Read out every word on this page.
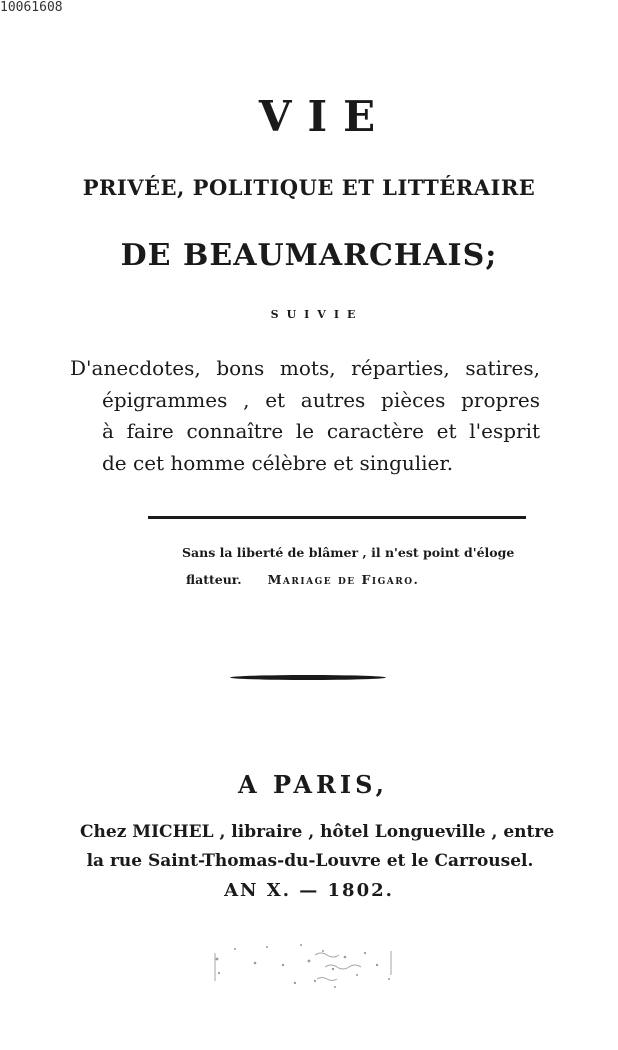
10061608
VIE
PRIVÉE, POLITIQUE ET LITTÉRAIRE
DE BEAUMARCHAIS;
SUIVIE
D'anecdotes, bons mots, réparties, satires,
épigrammes , et autres pièces propres
à faire connaître le caractère et l'esprit
de cet homme célèbre et singulier.
Sans la liberté de blâmer , il n'est point d'éloge
flatteur. Mariage de Figaro.
A PARIS,
Chez MICHEL , libraire , hôtel Longueville , entre
la rue Saint-Thomas-du-Louvre et le Carrousel.
AN X. — 1802.
